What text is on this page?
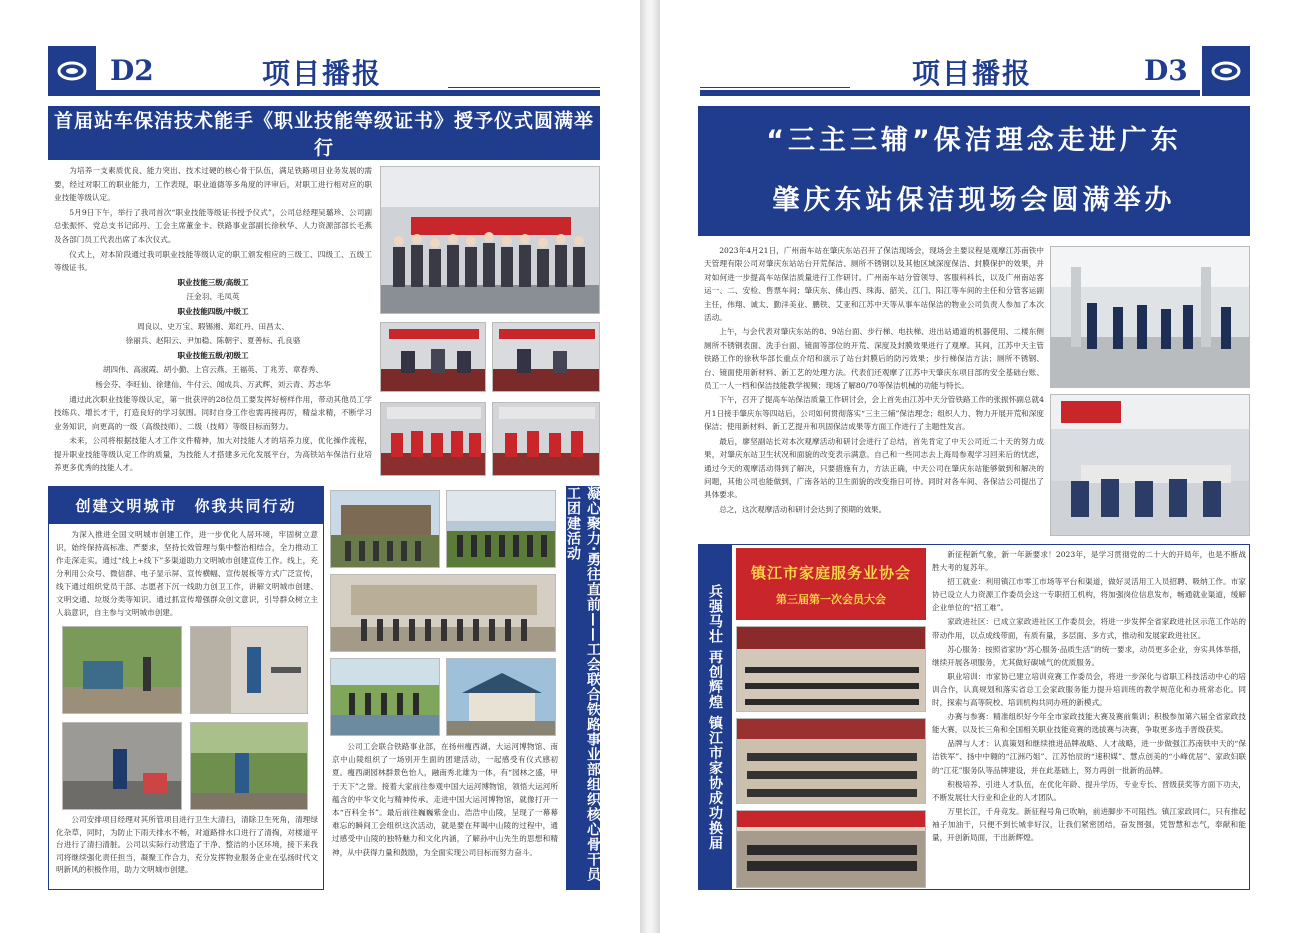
D2	项目播报
首届站车保洁技术能手《职业技能等级证书》授予仪式圆满举行

为培养一支素质优良、能力突出、技术过硬的核心骨干队伍，满足铁路项目业务发展的需要，经过对职工的职业能力，工作表现，职业道德等多角度的评审后，对职工进行相对应的职业技能等级认定。

5月9日下午，举行了我司首次“职业技能等级证书授予仪式”，公司总经理吴璐珍、公司副总张振怀、党总支书记邱丹、工会主席董金卡、铁路事业部副长徐秋华、人力资源部部长毛燕及各部门员工代表出席了本次仪式。

仪式上，对本阶段通过我司职业技能等级认定的职工颁发相应的三级工、四级工、五级工等级证书。

职业技能三级/高级工

汪金羽、毛凤英

职业技能四级/中级工

周良以、史万宝、瑕锡湘、郑红丹、田昌太、

徐丽兵、赵阳云、尹加稳、陈朝宇、夏善标、孔良骆

职业技能五级/初级工

胡四伟、高淑霞、胡小勤、上官云燕、王福英、丁兆芳、章春秀、

杨会芬、李旺仙、徐建仙、牛付云、闻成兵、万武辉、刘云青、苏志华

通过此次职业技能等级认定，第一批获评的28位员工要发挥好榜样作用，带动其他员工学技练兵、增长才干，打造良好的学习氛围。同时自身工作也需再接再厉，精益求精，不断学习业务知识，向更高的一级（高级技师）、二级（技师）等级目标而努力。

未来，公司将根据技能人才工作文件精神，加大对技能人才的培养力度，优化操作流程，提升职业技能等级认定工作的质量，为技能人才搭建多元化发展平台，为高铁站车保洁行业培养更多优秀的技能人才。

创建文明城市　你我共同行动

为深入推进全国文明城市创建工作，进一步优化人居环境，牢固树立意识，始终保持高标准、严要求，坚持长效管理与集中整治相结合，全力推动工作走深走实。通过“线上+线下”多渠道助力文明城市创建宣传工作。线上，充分利用公众号、微信群、电子显示屏、宣传横幅、宣传展板等方式广泛宣传，线下通过组织党员干部、志愿者下沉一线助力创卫工作，讲解文明城市创建、文明交通、垃圾分类等知识。通过抓宣传增强群众创文意识，引导群众树立主人翁意识，自主参与文明城市创建。

公司安排项目经理对其所管项目进行卫生大清扫，清除卫生死角，清理绿化杂草，同时，为防止下雨天排水不畅，对道路排水口进行了清掏，对楼道平台进行了清扫清脏。公司以实际行动营造了干净、整洁的小区环境，接下来我司将继续强化责任担当，凝聚工作合力，充分发挥物业服务企业在弘扬时代文明新风的积极作用，助力文明城市创建。

公司工会联合铁路事业部，在扬州瘦西湖、大运河博物馆、南京中山陵组织了一场别开生面的团建活动，一起感受有仪式感初夏。瘦西湖园林群景色怡人，融南秀北雄为一体，有“园林之盛，甲于天下”之誉。接着大家前往参观中国大运河博物馆，领悟大运河所蕴含的中华文化与精神传承。走进中国大运河博物馆，就像打开一本“百科全书”。最后前往巍巍紫金山、浩浩中山陵，呈现了一幕幕难忘的瞬间工会组织这次活动，就是要在拜谒中山陵的过程中，通过感受中山陵的独特魅力和文化内涵，了解孙中山先生的思想和精神，从中获得力量和鼓励，为全面实现公司目标而努力奋斗。	凝心聚力·勇往直前——工会联合铁路事业部组织核心骨干员工团建活动
项目播报	D3
“三主三辅”保洁理念走进广东
肇庆东站保洁现场会圆满举办

2023年4月21日，广州南车站在肇庆东站召开了保洁现场会，现场会主要议程是观摩江苏南铁中天管理有限公司对肇庆东站站台开荒保洁、厕所不锈钢以及其他区域深度保洁、封膜保护的效果，并对如何进一步提高车站保洁质量进行工作研讨。广州南车站分管领导、客服科科长，以及广州南站客运一、二、安检、售票车间；肇庆东、佛山西、珠海、韶关、江门、阳江等车间的主任和分管客运副主任，伟翔、诚太、勤洋美业、鹏铁、艾亚和江苏中天等从事车站保洁的物业公司负责人参加了本次活动。

上午，与会代表对肇庆东站的8、9站台面、步行梯、电扶梯、进出站通道的机器使用、二楼东侧厕所不锈钢表面、洗手台面、镜面等部位的开荒、深度及封膜效果进行了观摩。其间，江苏中天主管铁路工作的徐秋华部长重点介绍和演示了站台封膜后的防污效果；步行梯保洁方法；厕所不锈钢、台、镜面使用新材料、新工艺的处理方法。代表们还观摩了江苏中天肇庆东项目部的安全基础台账、员工一人一档和保洁技能教学视频；现场了解80/70等保洁机械的功能与特长。

下午，召开了提高车站保洁质量工作研讨会，会上首先由江苏中天分管铁路工作的张振怀副总就4月1日接手肇庆东等四站后，公司如何贯彻落实“三主三辅”保洁理念；组织人力、物力开展开荒和深度保洁；使用新材料、新工艺提升和巩固保洁成果等方面工作进行了主题性发言。

最后，廖坚副站长对本次观摩活动和研讨会进行了总结，首先肯定了中天公司近二十天的努力成果，对肇庆东站卫生状况和面貌的改变表示满意。自己和一些同志去上海局参观学习回来后的忧虑，通过今天的观摩活动得到了解决，只要措施有力，方法正确，中天公司在肇庆东站能够做到和解决的问题，其他公司也能做到，广南各站的卫生面貌的改变指日可待。同时对各车间、各保洁公司提出了具体要求。

总之，这次观摩活动和研讨会达到了预期的效果。

兵强马壮 再创辉煌 镇江市家协成功换届
镇江市家庭服务业协会
第三届第一次会员大会

新征程新气象，新一年新要求！2023年，是学习贯彻党的二十大的开局年，也是不断战胜大考的复苏年。

招工就业：利用镇江市零工市场等平台和渠道，做好灵活用工人员招聘、吸纳工作。市家协已设立人力资源工作委员会这一专职招工机构，将加强岗位信息发布，畅通就业渠道，缓解企业单位的“招工难”。

家政进社区：已成立家政进社区工作委员会，将进一步发挥全省家政进社区示范工作站的带动作用，以点成线带面，有质有量，多层面、多方式，推动和发展家政进社区。

苏心服务：按照省家协“苏心服务·品质生活”的统一要求，动员更多企业，夯实具体举措，继续开展各项服务，尤其做好碳城气的优质服务。

职业培训：市家协已建立培训竞赛工作委员会，将进一步深化与省职工科技活动中心的培训合作，认真规划和落实省总工会家政服务能力提升培训班的教学规范化和办班常态化。同时，探索与高等院校、培训机构共同办班的新模式。

办赛与参赛：精准组织好今年全市家政技能大赛及赛前集训；积极参加第六届全省家政技能大赛，以及长三角和全国相关职业技能竞赛的选拔赛与决赛，争取更多选手晋级获奖。

品牌与人才：认真策划和继续推进品牌战略、人才战略，进一步做强江苏南铁中天的“保洁铁军”、扬中中翱的“江洲巧姐”、江苏怡辰的“速积媒”、慧点创美的“小峰优居”、家政妇联的“江花”服务队等品牌建设，并在此基础上，努力再创一批新的品牌。

积极培养、引进人才队伍，在优化年龄、提升学历，专业专长、晋级获奖等方面下功夫，不断发展壮大行业和企业的人才团队。

万里长江，千舟竞发。新征程号角已吹响，前进脚步不可阻挡。镇江家政同仁，只有推起袖子加油干，只便不到长城非好汉，让我们紧密团结，奋发图强，凭智慧和志气，奉献和能量，开创新局面，干出新辉煌。
